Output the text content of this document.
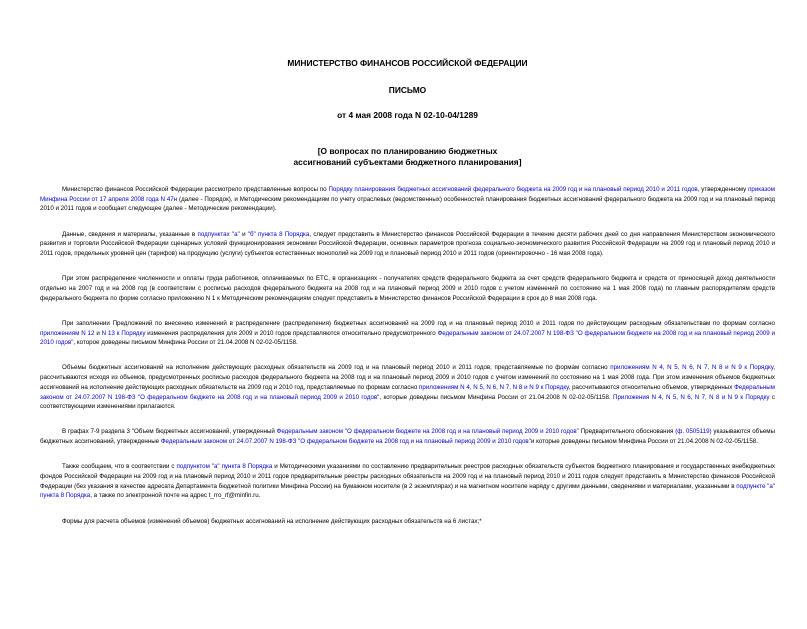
МИНИСТЕРСТВО ФИНАНСОВ РОССИЙСКОЙ ФЕДЕРАЦИИ
ПИСЬМО
от 4 мая 2008 года N 02-10-04/1289
[О вопросах по планированию бюджетных
ассигнований субъектами бюджетного планирования]

Министерство финансов Российской Федерации рассмотрело представленные вопросы по Порядку планирования бюджетных ассигнований федерального бюджета на 2009 год и на плановый период 2010 и 2011 годов, утвержденному приказом Минфина России от 17 апреля 2008 года N 47н (далее - Порядок), и Методическим рекомендациям по учету отраслевых (ведомственных) особенностей планирования бюджетных ассигнований федерального бюджета на 2009 год и на плановый период 2010 и 2011 годов и сообщает следующее (далее - Методические рекомендации).

Данные, сведения и материалы, указанные в подпунктах "а" и "б" пункта 8 Порядка, следует представить в Министерство финансов Российской Федерации в течение десяти рабочих дней со дня направления Министерством экономического развития и торговли Российской Федерации сценарных условий функционирования экономики Российской Федерации, основных параметров прогноза социально-экономического развития Российской Федерации на 2009 год и плановый период 2010 и 2011 годов, предельных уровней цен (тарифов) на продукцию (услуги) субъектов естественных монополий на 2009 год и плановый период 2010 и 2011 годов (ориентировочно - 16 мая 2008 года).

При этом распределение численности и оплаты труда работников, оплачиваемых по ЕТС, в организациях - получателях средств федерального бюджета за счет средств федерального бюджета и средств от приносящей доход деятельности отдельно на 2007 год и на 2008 год (в соответствии с росписью расходов федерального бюджета на 2008 год и на плановый период 2009 и 2010 годов с учетом изменений по состоянию на 1 мая 2008 года) по главным распорядителям средств федерального бюджета по форме согласно приложению N 1 к Методическим рекомендациям следует представить в Министерство финансов Российской Федерации в срок до 8 мая 2008 года.

При заполнении Предложений по внесению изменений в распределение (распределения) бюджетных ассигнований на 2009 год и на плановый период 2010 и 2011 годов по действующим расходным обязательствам по формам согласно приложениям N 12 и N 13 к Порядку изменения распределения для 2009 и 2010 годов представляются относительно предусмотренного Федеральным законом от 24.07.2007 N 198-ФЗ "О федеральном бюджете на 2008 год и на плановый период 2009 и 2010 годов", которое доведены письмом Минфина России от 21.04.2008 N 02-02-05/1158.

Объемы бюджетных ассигнований на исполнение действующих расходных обязательств на 2009 год и на плановый период 2010 и 2011 годов, представляемые по формам согласно приложениям N 4, N 5, N 6, N 7, N 8 и N 9 к Порядку, рассчитываются исходя из объемов, предусмотренных росписью расходов федерального бюджета на 2008 год и на плановый период 2009 и 2010 годов с учетом изменений по состоянию на 1 мая 2008 года. При этом изменения объемов бюджетных ассигнований на исполнение действующих расходных обязательств на 2009 год и 2010 год, представляемые по формам согласно приложениям N 4, N 5, N 6, N 7, N 8 и N 9 к Порядку, рассчитываются относительно объемов, утвержденных Федеральным законом от 24.07.2007 N 198-ФЗ "О федеральном бюджете на 2008 год и на плановый период 2009 и 2010 годов", которые доведены письмом Минфина России от 21.04.2008 N 02-02-05/1158. Приложения N 4, N 5, N 6, N 7, N 8 и N 9 к Порядку с соответствующими изменениями прилагаются.

В графах 7-9 раздела 3 "Объем бюджетных ассигнований, утвержденный Федеральным законом "О федеральном бюджете на 2008 год и на плановый период 2009 и 2010 годов" Предварительного обоснования (ф. 0505119) указываются объемы бюджетных ассигнований, утвержденные Федеральным законом от 24.07.2007 N 198-ФЗ "О федеральном бюджете на 2008 год и на плановый период 2009 и 2010 годов"и которые доведены письмом Минфина России от 21.04.2008 N 02-02-05/1158.

Также сообщаем, что в соответствии с подпунктом "а" пункта 8 Порядка и Методическими указаниями по составлению предварительных реестров расходных обязательств субъектов бюджетного планирования и государственных внебюджетных фондов Российской Федерации на 2009 год и на плановый период 2010 и 2011 годов предварительные реестры расходных обязательств на 2009 год и на плановый период 2010 и 2011 годов следует представить в Министерство финансов Российской Федерации (без указания в качестве адресата Департамента бюджетной политики Минфина России) на бумажном носителе (в 2 экземплярах) и на магнитном носителе наряду с другими данными, сведениями и материалами, указанными в подпункте "а" пункта 8 Порядка, а также по электронной почте на адрес t_rro_rf@minfin.ru.

Формы для расчета объемов (изменений объемов) бюджетных ассигнований на исполнение действующих расходных обязательств на 6 листах;*
